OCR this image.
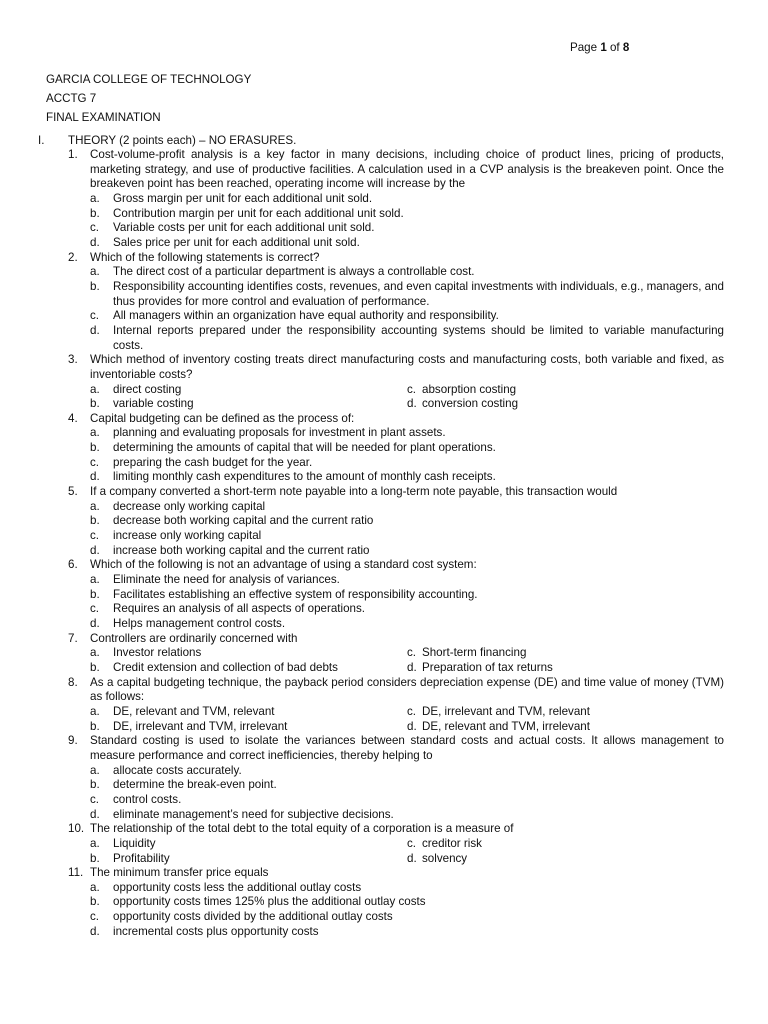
Page 1 of 8
GARCIA COLLEGE OF TECHNOLOGY
ACCTG 7
FINAL EXAMINATION
I. THEORY (2 points each) – NO ERASURES.
1. Cost-volume-profit analysis is a key factor in many decisions, including choice of product lines, pricing of products, marketing strategy, and use of productive facilities. A calculation used in a CVP analysis is the breakeven point. Once the breakeven point has been reached, operating income will increase by the
a. Gross margin per unit for each additional unit sold.
b. Contribution margin per unit for each additional unit sold.
c. Variable costs per unit for each additional unit sold.
d. Sales price per unit for each additional unit sold.
2. Which of the following statements is correct?
a. The direct cost of a particular department is always a controllable cost.
b. Responsibility accounting identifies costs, revenues, and even capital investments with individuals, e.g., managers, and thus provides for more control and evaluation of performance.
c. All managers within an organization have equal authority and responsibility.
d. Internal reports prepared under the responsibility accounting systems should be limited to variable manufacturing costs.
3. Which method of inventory costing treats direct manufacturing costs and manufacturing costs, both variable and fixed, as inventoriable costs?
a. direct costing	c. absorption costing
b. variable costing	d. conversion costing
4. Capital budgeting can be defined as the process of:
a. planning and evaluating proposals for investment in plant assets.
b. determining the amounts of capital that will be needed for plant operations.
c. preparing the cash budget for the year.
d. limiting monthly cash expenditures to the amount of monthly cash receipts.
5. If a company converted a short-term note payable into a long-term note payable, this transaction would
a. decrease only working capital
b. decrease both working capital and the current ratio
c. increase only working capital
d. increase both working capital and the current ratio
6. Which of the following is not an advantage of using a standard cost system:
a. Eliminate the need for analysis of variances.
b. Facilitates establishing an effective system of responsibility accounting.
c. Requires an analysis of all aspects of operations.
d. Helps management control costs.
7. Controllers are ordinarily concerned with
a. Investor relations	c. Short-term financing
b. Credit extension and collection of bad debts	d. Preparation of tax returns
8. As a capital budgeting technique, the payback period considers depreciation expense (DE) and time value of money (TVM) as follows:
a. DE, relevant and TVM, relevant	c. DE, irrelevant and TVM, relevant
b. DE, irrelevant and TVM, irrelevant	d. DE, relevant and TVM, irrelevant
9. Standard costing is used to isolate the variances between standard costs and actual costs. It allows management to measure performance and correct inefficiencies, thereby helping to
a. allocate costs accurately.
b. determine the break-even point.
c. control costs.
d. eliminate management’s need for subjective decisions.
10. The relationship of the total debt to the total equity of a corporation is a measure of
a. Liquidity	c. creditor risk
b. Profitability	d. solvency
11. The minimum transfer price equals
a. opportunity costs less the additional outlay costs
b. opportunity costs times 125% plus the additional outlay costs
c. opportunity costs divided by the additional outlay costs
d. incremental costs plus opportunity costs
